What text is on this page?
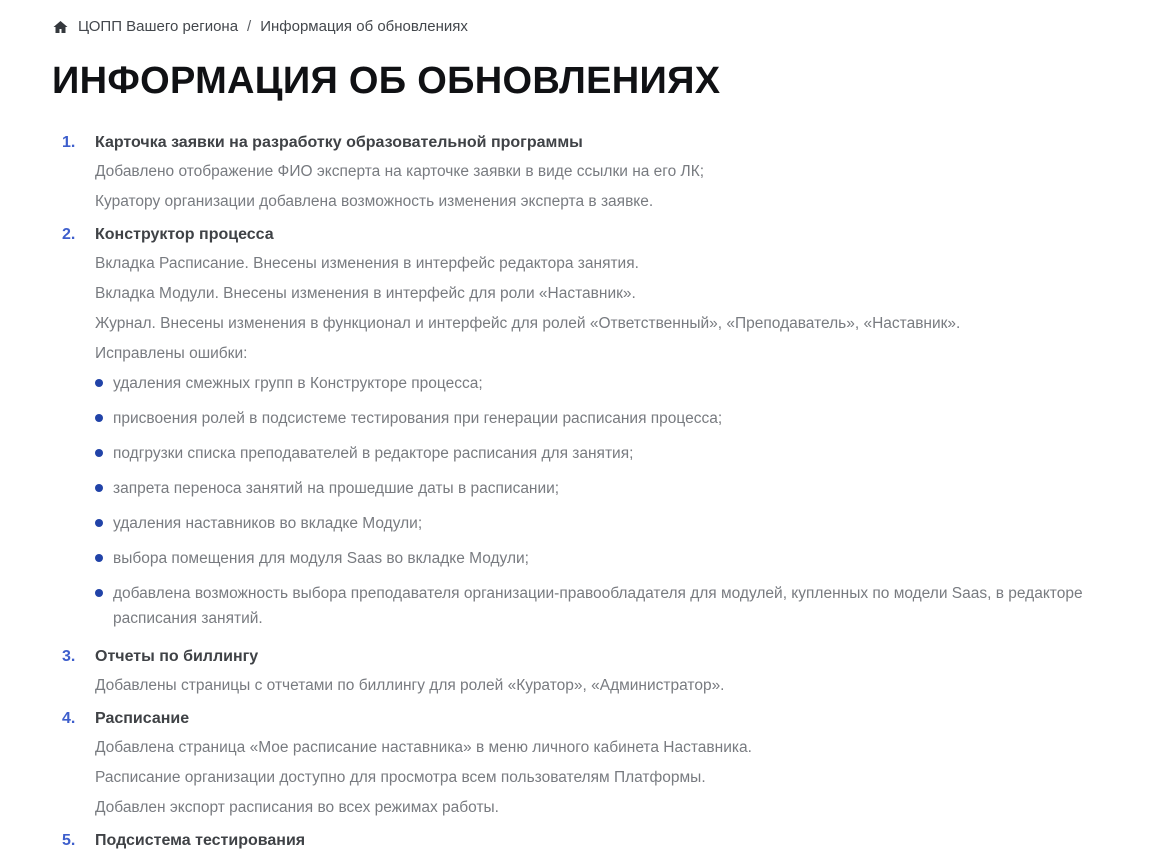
ЦОПП Вашего региона / Информация об обновлениях
ИНФОРМАЦИЯ ОБ ОБНОВЛЕНИЯХ
1.	Карточка заявки на разработку образовательной программы

Добавлено отображение ФИО эксперта на карточке заявки в виде ссылки на его ЛК;

Куратору организации добавлена возможность изменения эксперта в заявке.

2.	Конструктор процесса

Вкладка Расписание. Внесены изменения в интерфейс редактора занятия.

Вкладка Модули. Внесены изменения в интерфейс для роли «Наставник».

Журнал. Внесены изменения в функционал и интерфейс для ролей «Ответственный», «Преподаватель», «Наставник».

Исправлены ошибки:

удаления смежных групп в Конструкторе процесса;
присвоения ролей в подсистеме тестирования при генерации расписания процесса;
подгрузки списка преподавателей в редакторе расписания для занятия;
запрета переноса занятий на прошедшие даты в расписании;
удаления наставников во вкладке Модули;
выбора помещения для модуля Saas во вкладке Модули;
добавлена возможность выбора преподавателя организации-правообладателя для модулей, купленных по модели Saas, в редакторе расписания занятий.
3.	Отчеты по биллингу

Добавлены страницы с отчетами по биллингу для ролей «Куратор», «Администратор».

4.	Расписание

Добавлена страница «Мое расписание наставника» в меню личного кабинета Наставника.

Расписание организации доступно для просмотра всем пользователям Платформы.

Добавлен экспорт расписания во всех режимах работы.

5.	Подсистема тестирования
